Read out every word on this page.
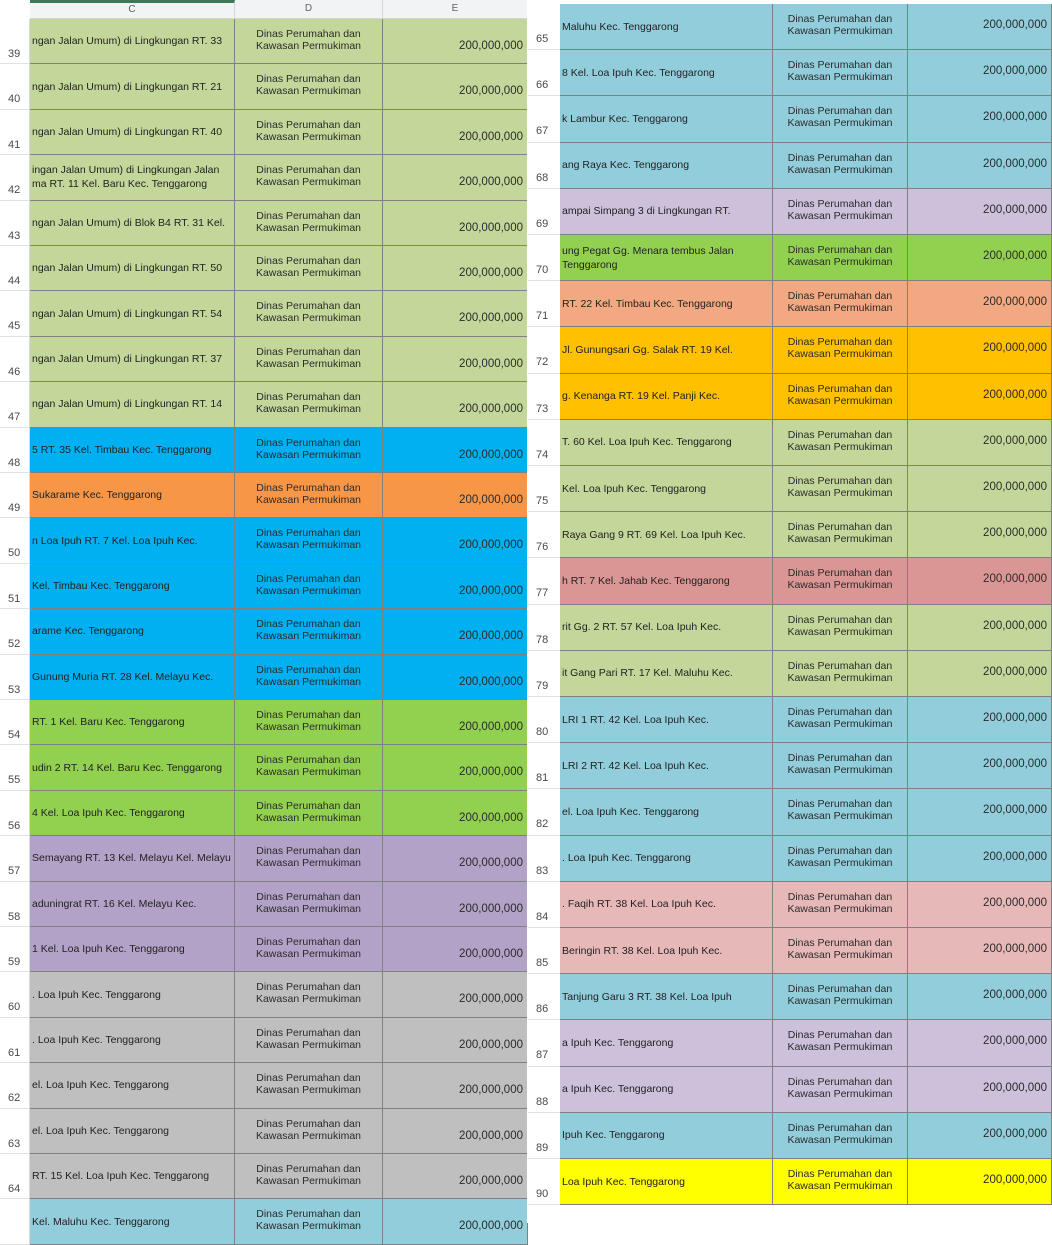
C	D	E
39
ngan Jalan Umum) di Lingkungan RT. 33
Dinas Perumahan dan Kawasan Permukiman	200,000,000
40
ngan Jalan Umum) di Lingkungan RT. 21
Dinas Perumahan dan Kawasan Permukiman	200,000,000
41
ngan Jalan Umum) di Lingkungan RT. 40
Dinas Perumahan dan Kawasan Permukiman	200,000,000
42
ingan Jalan Umum) di Lingkungan Jalan ma RT. 11 Kel. Baru Kec. Tenggarong
Dinas Perumahan dan Kawasan Permukiman	200,000,000
43
ngan Jalan Umum) di Blok B4 RT. 31 Kel.
Dinas Perumahan dan Kawasan Permukiman	200,000,000
44
ngan Jalan Umum) di Lingkungan RT. 50
Dinas Perumahan dan Kawasan Permukiman	200,000,000
45
ngan Jalan Umum) di Lingkungan RT. 54
Dinas Perumahan dan Kawasan Permukiman	200,000,000
46
ngan Jalan Umum) di Lingkungan RT. 37
Dinas Perumahan dan Kawasan Permukiman	200,000,000
47
ngan Jalan Umum) di Lingkungan RT. 14
Dinas Perumahan dan Kawasan Permukiman	200,000,000
48
5 RT. 35 Kel. Timbau Kec. Tenggarong
Dinas Perumahan dan Kawasan Permukiman	200,000,000
49
Sukarame Kec. Tenggarong
Dinas Perumahan dan Kawasan Permukiman	200,000,000
50
n Loa Ipuh RT. 7 Kel. Loa Ipuh Kec.
Dinas Perumahan dan Kawasan Permukiman	200,000,000
51
Kel. Timbau Kec. Tenggarong
Dinas Perumahan dan Kawasan Permukiman	200,000,000
52
arame Kec. Tenggarong
Dinas Perumahan dan Kawasan Permukiman	200,000,000
53
Gunung Muria RT. 28 Kel. Melayu Kec.
Dinas Perumahan dan Kawasan Permukiman	200,000,000
54
RT. 1 Kel. Baru Kec. Tenggarong
Dinas Perumahan dan Kawasan Permukiman	200,000,000
55
udin 2 RT. 14 Kel. Baru Kec. Tenggarong
Dinas Perumahan dan Kawasan Permukiman	200,000,000
56
4 Kel. Loa Ipuh Kec. Tenggarong
Dinas Perumahan dan Kawasan Permukiman	200,000,000
57
Semayang RT. 13 Kel. Melayu Kel. Melayu
Dinas Perumahan dan Kawasan Permukiman	200,000,000
58
aduningrat RT. 16 Kel. Melayu Kec.
Dinas Perumahan dan Kawasan Permukiman	200,000,000
59
1 Kel. Loa Ipuh Kec. Tenggarong
Dinas Perumahan dan Kawasan Permukiman	200,000,000
60
. Loa Ipuh Kec. Tenggarong
Dinas Perumahan dan Kawasan Permukiman	200,000,000
61
. Loa Ipuh Kec. Tenggarong
Dinas Perumahan dan Kawasan Permukiman	200,000,000
62
el. Loa Ipuh Kec. Tenggarong
Dinas Perumahan dan Kawasan Permukiman	200,000,000
63
el. Loa Ipuh Kec. Tenggarong
Dinas Perumahan dan Kawasan Permukiman	200,000,000
64
RT. 15 Kel. Loa Ipuh Kec. Tenggarong
Dinas Perumahan dan Kawasan Permukiman	200,000,000
Kel. Maluhu Kec. Tenggarong
Dinas Perumahan dan Kawasan Permukiman	200,000,000
65
Maluhu Kec. Tenggarong
Dinas Perumahan dan Kawasan Permukiman	200,000,000
66
8 Kel. Loa Ipuh Kec. Tenggarong
Dinas Perumahan dan Kawasan Permukiman	200,000,000
67
k Lambur Kec. Tenggarong
Dinas Perumahan dan Kawasan Permukiman	200,000,000
68
ang Raya Kec. Tenggarong
Dinas Perumahan dan Kawasan Permukiman	200,000,000
69
ampai Simpang 3 di Lingkungan RT.
Dinas Perumahan dan Kawasan Permukiman	200,000,000
70
ung Pegat Gg. Menara tembus Jalan Tenggarong
Dinas Perumahan dan Kawasan Permukiman	200,000,000
71
RT. 22 Kel. Timbau Kec. Tenggarong
Dinas Perumahan dan Kawasan Permukiman	200,000,000
72
Jl. Gunungsari Gg. Salak RT. 19 Kel.
Dinas Perumahan dan Kawasan Permukiman	200,000,000
73
g. Kenanga RT. 19 Kel. Panji Kec.
Dinas Perumahan dan Kawasan Permukiman	200,000,000
74
T. 60 Kel. Loa Ipuh Kec. Tenggarong
Dinas Perumahan dan Kawasan Permukiman	200,000,000
75
Kel. Loa Ipuh Kec. Tenggarong
Dinas Perumahan dan Kawasan Permukiman	200,000,000
76
Raya Gang 9 RT. 69 Kel. Loa Ipuh Kec.
Dinas Perumahan dan Kawasan Permukiman	200,000,000
77
h RT. 7 Kel. Jahab Kec. Tenggarong
Dinas Perumahan dan Kawasan Permukiman	200,000,000
78
rit Gg. 2 RT. 57 Kel. Loa Ipuh Kec.
Dinas Perumahan dan Kawasan Permukiman	200,000,000
79
it Gang Pari RT. 17 Kel. Maluhu Kec.
Dinas Perumahan dan Kawasan Permukiman	200,000,000
80
LRI 1 RT. 42 Kel. Loa Ipuh Kec.
Dinas Perumahan dan Kawasan Permukiman	200,000,000
81
LRI 2 RT. 42 Kel. Loa Ipuh Kec.
Dinas Perumahan dan Kawasan Permukiman	200,000,000
82
el. Loa Ipuh Kec. Tenggarong
Dinas Perumahan dan Kawasan Permukiman	200,000,000
83
. Loa Ipuh Kec. Tenggarong
Dinas Perumahan dan Kawasan Permukiman	200,000,000
84
. Faqih RT. 38 Kel. Loa Ipuh Kec.
Dinas Perumahan dan Kawasan Permukiman	200,000,000
85
Beringin RT. 38 Kel. Loa Ipuh Kec.
Dinas Perumahan dan Kawasan Permukiman	200,000,000
86
Tanjung Garu 3 RT. 38 Kel. Loa Ipuh
Dinas Perumahan dan Kawasan Permukiman	200,000,000
87
a Ipuh Kec. Tenggarong
Dinas Perumahan dan Kawasan Permukiman	200,000,000
88
a Ipuh Kec. Tenggarong
Dinas Perumahan dan Kawasan Permukiman	200,000,000
89
Ipuh Kec. Tenggarong
Dinas Perumahan dan Kawasan Permukiman	200,000,000
90
Loa Ipuh Kec. Tenggarong
Dinas Perumahan dan Kawasan Permukiman	200,000,000
